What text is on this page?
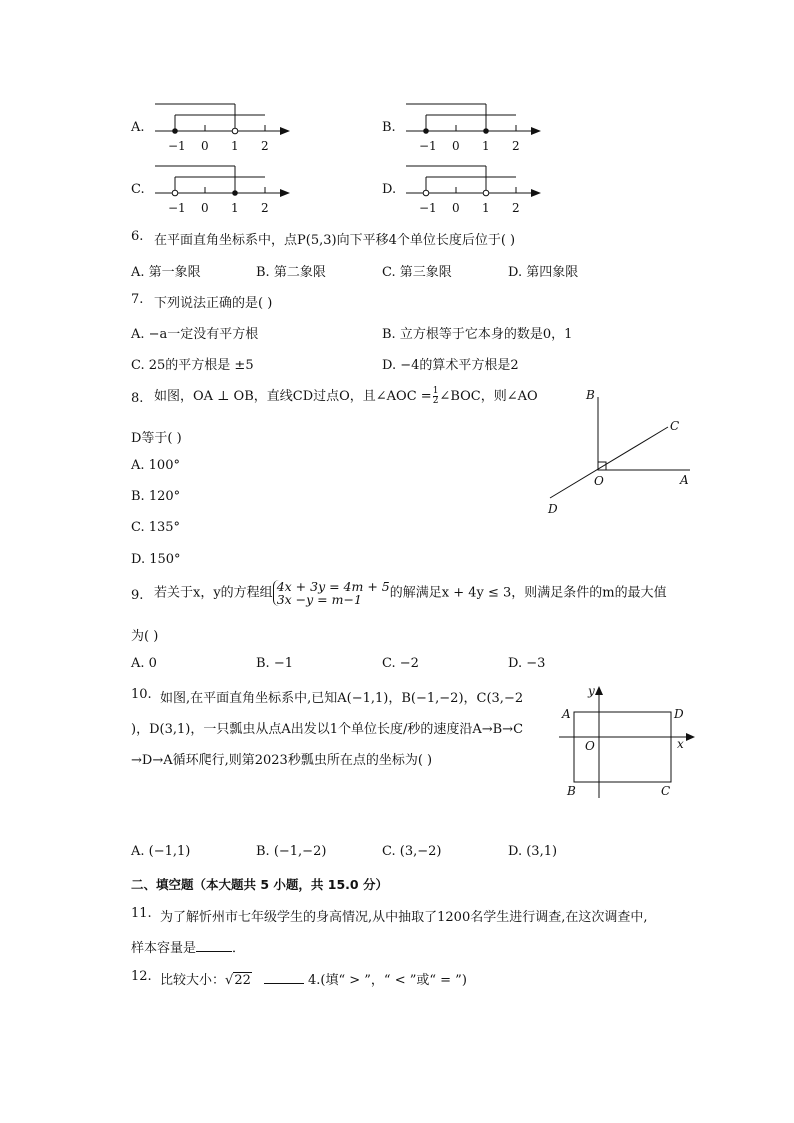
A.
−1 0 1 2
B.
−1 0 1 2
C.
−1 0 1 2
D.
−1 0 1 2
6. 在平面直角坐标系中，点P(5,3)向下平移4个单位长度后位于( )
A. 第一象限	B. 第二象限	C. 第三象限	D. 第四象限
7. 下列说法正确的是( )
A. −a一定没有平方根	B. 立方根等于它本身的数是0，1
C. 25的平方根是 ±5	D. −4的算术平方根是2
8. 如图，OA ⊥ OB，直线CD过点O，且∠AOC = $\frac{1}{2}$ ∠BOC，则∠AO
D等于( )
A. 100°
B. 120°
C. 135°
D. 150°
B
C
O	A
D
9. 若关于x，y的方程组 4x + 3y = 4m + 5
3x −y = m−1	的解满足x + 4y ≤ 3，则满足条件的m的最大值
为( )
A. 0	B. −1	C. −2	D. −3
10. 如图,在平面直角坐标系中,已知A(−1,1)，B(−1,−2)，C(3,−2
)，D(3,1)，一只瓢虫从点A出发以1个单位长度/秒的速度沿A→B→C
→D→A循环爬行,则第2023秒瓢虫所在点的坐标为( )
y
x
A	D
O
B	C
A. (−1,1)	B. (−1,−2)	C. (3,−2)	D. (3,1)
二、填空题（本大题共 5 小题，共 15.0 分）
11. 为了解忻州市七年级学生的身高情况,从中抽取了1200名学生进行调查,在这次调查中,
样本容量是	．
12. 比较大小：√22	4.(填“ > ”，“ < ”或“ = ”)
